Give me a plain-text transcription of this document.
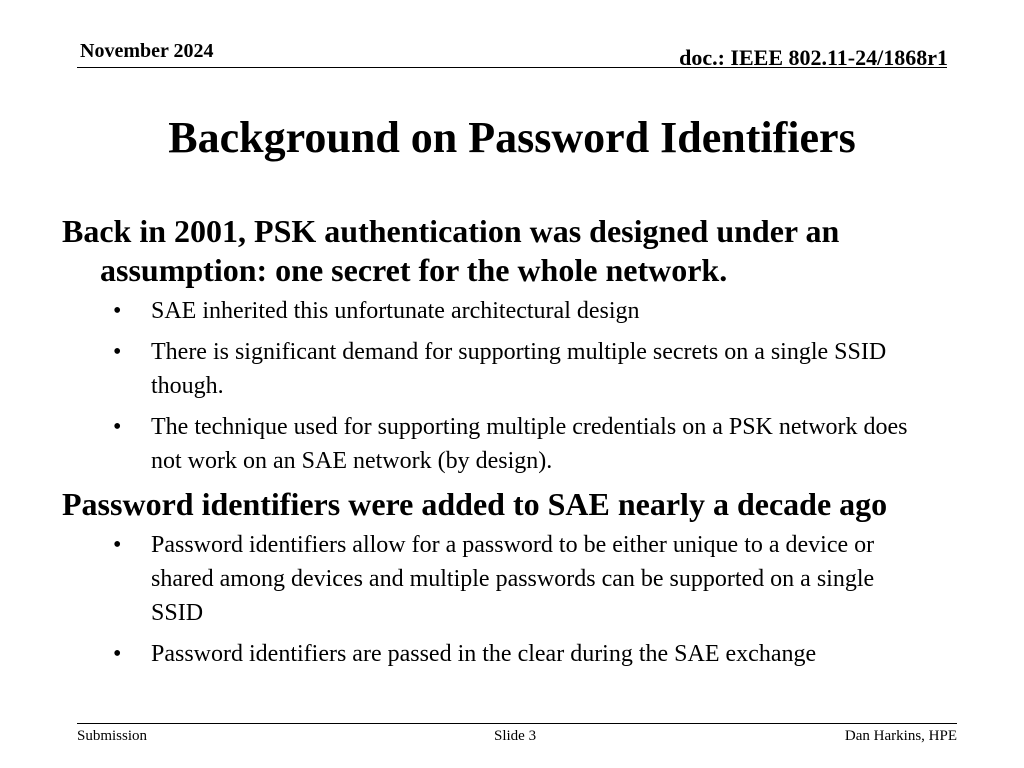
November 2024	doc.: IEEE 802.11-24/1868r1
Background on Password Identifiers

Back in 2001, PSK authentication was designed under an assumption: one secret for the whole network.

• SAE inherited this unfortunate architectural design
• There is significant demand for supporting multiple secrets on a single SSID though.
• The technique used for supporting multiple credentials on a PSK network does not work on an SAE network (by design).

Password identifiers were added to SAE nearly a decade ago

• Password identifiers allow for a password to be either unique to a device or shared among devices and multiple passwords can be supported on a single SSID
• Password identifiers are passed in the clear during the SAE exchange
Submission	Slide 3	Dan Harkins, HPE
